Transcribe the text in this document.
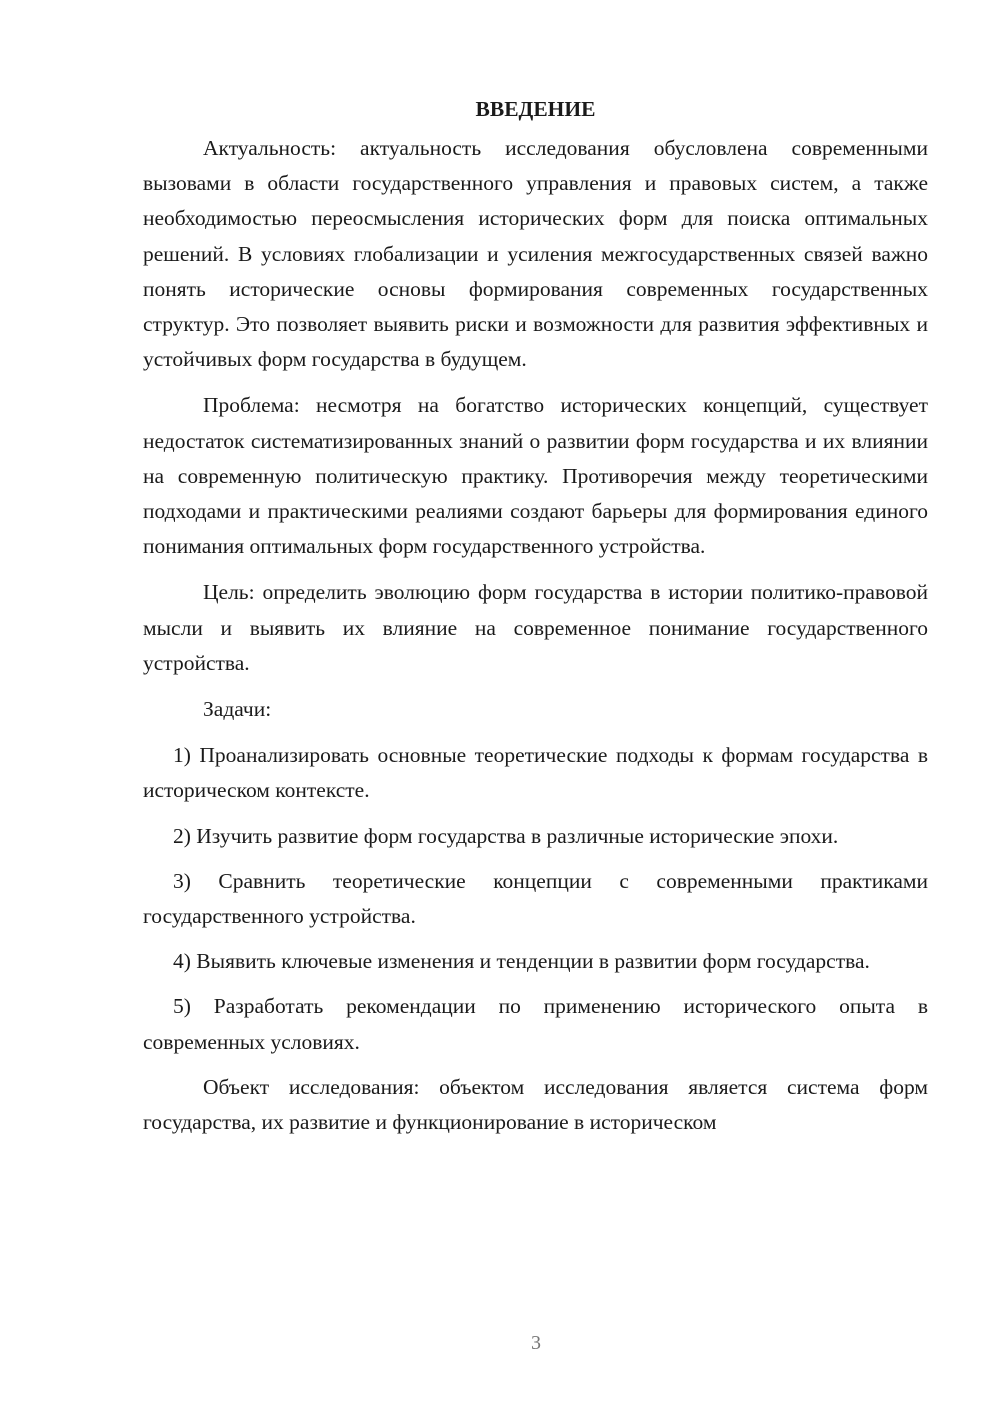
ВВЕДЕНИЕ

Актуальность: актуальность исследования обусловлена современными вызовами в области государственного управления и правовых систем, а также необходимостью переосмысления исторических форм для поиска оптимальных решений. В условиях глобализации и усиления межгосударственных связей важно понять исторические основы формирования современных государственных структур. Это позволяет выявить риски и возможности для развития эффективных и устойчивых форм государства в будущем.

Проблема: несмотря на богатство исторических концепций, существует недостаток систематизированных знаний о развитии форм государства и их влиянии на современную политическую практику. Противоречия между теоретическими подходами и практическими реалиями создают барьеры для формирования единого понимания оптимальных форм государственного устройства.

Цель: определить эволюцию форм государства в истории политико-правовой мысли и выявить их влияние на современное понимание государственного устройства.

Задачи:

1) Проанализировать основные теоретические подходы к формам государства в историческом контексте.

2) Изучить развитие форм государства в различные исторические эпохи.

3) Сравнить теоретические концепции с современными практиками государственного устройства.

4) Выявить ключевые изменения и тенденции в развитии форм государства.

5) Разработать рекомендации по применению исторического опыта в современных условиях.

Объект исследования: объектом исследования является система форм государства, их развитие и функционирование в историческом

3
